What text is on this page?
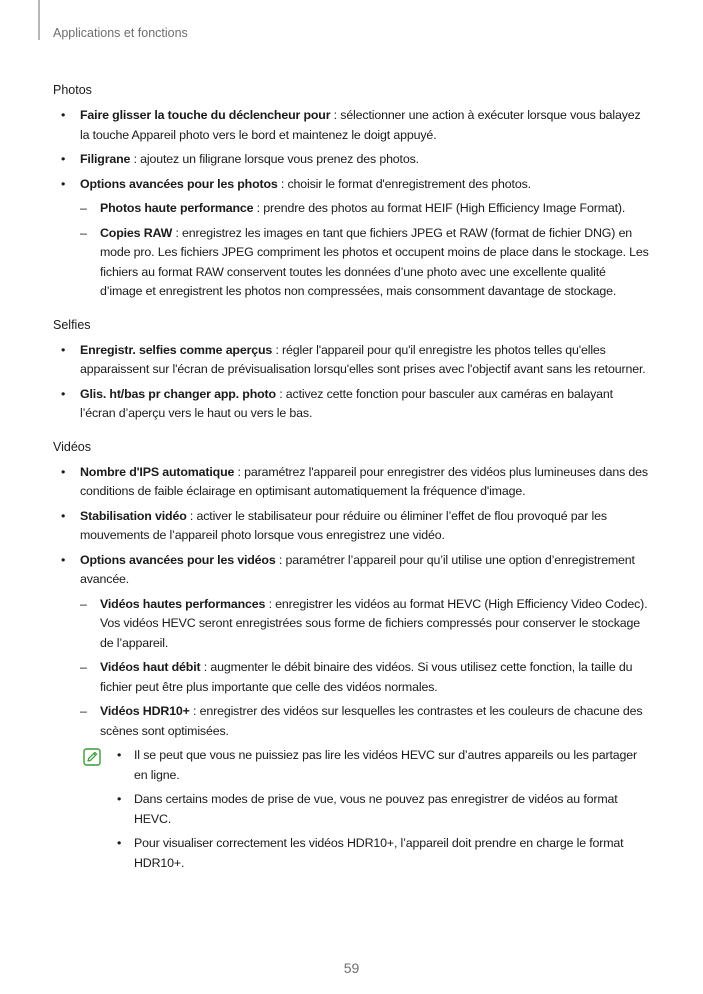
Applications et fonctions
Photos
• Faire glisser la touche du déclencheur pour : sélectionner une action à exécuter lorsque vous balayez la touche Appareil photo vers le bord et maintenez le doigt appuyé.
• Filigrane : ajoutez un filigrane lorsque vous prenez des photos.
• Options avancées pour les photos : choisir le format d'enregistrement des photos.
– Photos haute performance : prendre des photos au format HEIF (High Efficiency Image Format).
– Copies RAW : enregistrez les images en tant que fichiers JPEG et RAW (format de fichier DNG) en mode pro. Les fichiers JPEG compriment les photos et occupent moins de place dans le stockage. Les fichiers au format RAW conservent toutes les données d’une photo avec une excellente qualité d’image et enregistrent les photos non compressées, mais consomment davantage de stockage.
Selfies
• Enregistr. selfies comme aperçus : régler l'appareil pour qu'il enregistre les photos telles qu'elles apparaissent sur l'écran de prévisualisation lorsqu'elles sont prises avec l'objectif avant sans les retourner.
• Glis. ht/bas pr changer app. photo : activez cette fonction pour basculer aux caméras en balayant l’écran d’aperçu vers le haut ou vers le bas.
Vidéos
• Nombre d'IPS automatique : paramétrez l'appareil pour enregistrer des vidéos plus lumineuses dans des conditions de faible éclairage en optimisant automatiquement la fréquence d'image.
• Stabilisation vidéo : activer le stabilisateur pour réduire ou éliminer l’effet de flou provoqué par les mouvements de l’appareil photo lorsque vous enregistrez une vidéo.
• Options avancées pour les vidéos : paramétrer l’appareil pour qu’il utilise une option d’enregistrement avancée.
– Vidéos hautes performances : enregistrer les vidéos au format HEVC (High Efficiency Video Codec). Vos vidéos HEVC seront enregistrées sous forme de fichiers compressés pour conserver le stockage de l’appareil.
– Vidéos haut débit : augmenter le débit binaire des vidéos. Si vous utilisez cette fonction, la taille du fichier peut être plus importante que celle des vidéos normales.
– Vidéos HDR10+ : enregistrer des vidéos sur lesquelles les contrastes et les couleurs de chacune des scènes sont optimisées.
• Il se peut que vous ne puissiez pas lire les vidéos HEVC sur d’autres appareils ou les partager en ligne.
• Dans certains modes de prise de vue, vous ne pouvez pas enregistrer de vidéos au format HEVC.
• Pour visualiser correctement les vidéos HDR10+, l’appareil doit prendre en charge le format HDR10+.
59
